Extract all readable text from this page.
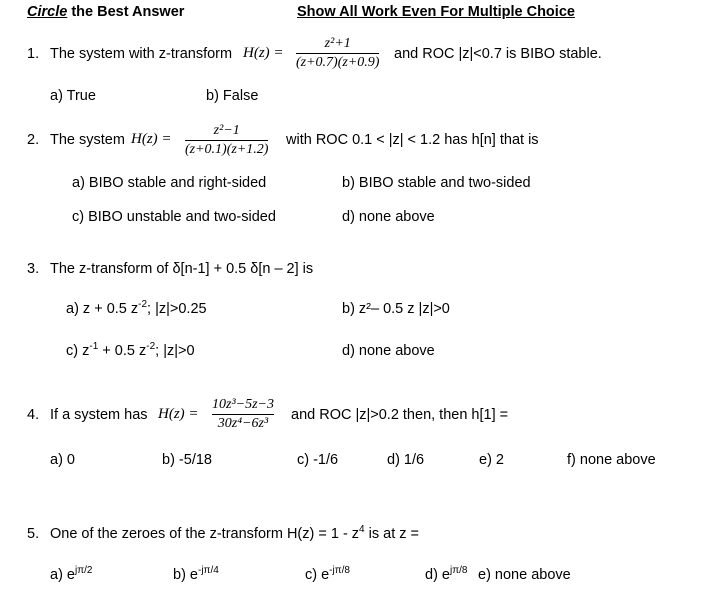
Circle the Best Answer	Show All Work Even For Multiple Choice
1. The system with z-transform $H(z) = \frac{\text{z²+1}}{(z+0.7)(z+0.9)}$ and ROC |z|<0.7 is BIBO stable.
a) True	b) False
2. The system $H(z) = \frac{\text{z²−1}}{(z+0.1)(z+1.2)}$ with ROC 0.1 < |z| < 1.2 has h[n] that is
a) BIBO stable and right-sided	b) BIBO stable and two-sided
c) BIBO unstable and two-sided	d) none above
3. The z-transform of δ[n-1] + 0.5 δ[n – 2] is
a) z + 0.5 $z^{-2}$; |z|>0.25	b) z²– 0.5 z |z|>0
c) $z^{-1} + 0.5$ $z^{-2}$; |z|>0	d) none above
4. If a system has $H(z) = \frac{\text{10z³−5z−3}}{\text{30z⁴−6z³}}$ and ROC |z|>0.2 then, then h[1] =
a) 0	b) -5/18	c) -1/6	d) 1/6	e) 2	f) none above
5. One of the zeroes of the z-transform $H(z) = 1 - z^4$ is at z =
a) $e^{j\pi/2}$	b) $e^{-j\pi/4}$	c) $e^{-j\pi/8}$	d) $e^{j\pi/8}$ e) none above
